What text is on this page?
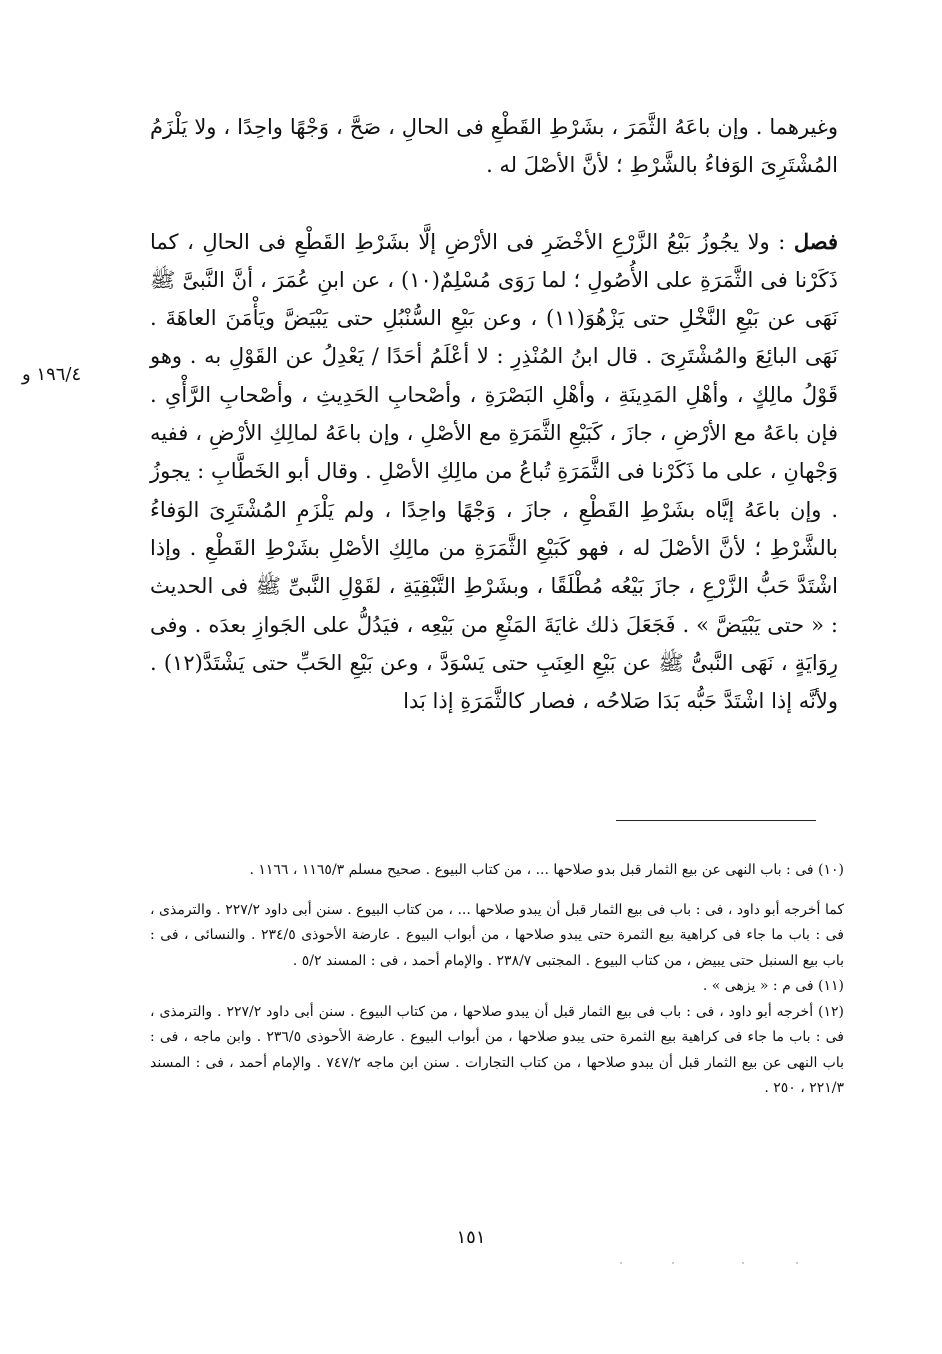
وغيرهما . وإن باعَهُ الثَّمَرَ ، بشَرْطِ القَطْعِ فى الحالِ ، صَحَّ ، وَجْهًا واحِدًا ، ولا يَلْزَمُ المُشْتَرِىَ الوَفاءُ بالشَّرْطِ ؛ لأنَّ الأصْلَ له .

فصل : ولا يجُوزُ بَيْعُ الزَّرْعِ الأخْضَرِ فى الأرْضِ إلَّا بشَرْطِ القَطْعِ فى الحالِ ، كما ذَكَرْنا فى الثَّمَرَةِ على الأُصُولِ ؛ لما رَوَى مُسْلِمٌ(١٠) ، عن ابنِ عُمَرَ ، أنَّ النَّبىَّ ﷺ نَهَى عن بَيْعِ النَّخْلِ حتى يَزْهُوَ(١١) ، وعن بَيْعِ السُّنْبُلِ حتى يَبْيَضَّ ويَأْمَنَ العاهَةَ . نَهَى البائِعَ والمُشْتَرِىَ . قال ابنُ المُنْذِرِ : لا أعْلَمُ أحَدًا / يَعْدِلُ عن القَوْلِ به . وهو قَوْلُ مالِكٍ ، وأهْلِ المَدِينَةِ ، وأهْلِ البَصْرَةِ ، وأصْحابِ الحَدِيثِ ، وأصْحابِ الرَّأْىِ . فإن باعَهُ مع الأرْضِ ، جازَ ، كَبَيْعِ الثَّمَرَةِ مع الأصْلِ ، وإن باعَهُ لمالِكِ الأرْضِ ، ففيه وَجْهانِ ، على ما ذَكَرْنا فى الثَّمَرَةِ تُباعُ من مالِكِ الأصْلِ . وقال أبو الخَطَّابِ : يجوزُ . وإن باعَهُ إيَّاه بشَرْطِ القَطْعِ ، جازَ ، وَجْهًا واحِدًا ، ولم يَلْزَمِ المُشْتَرِىَ الوَفاءُ بالشَّرْطِ ؛ لأنَّ الأصْلَ له ، فهو كَبَيْعِ الثَّمَرَةِ من مالِكِ الأصْلِ بشَرْطِ القَطْعِ . وإذا اشْتَدَّ حَبُّ الزَّرْعِ ، جازَ بَيْعُه مُطْلَقًا ، وبشَرْطِ التَّبْقِيَةِ ، لقَوْلِ النَّبىِّ ﷺ فى الحديث : « حتى يَبْيَضَّ » . فَجَعَلَ ذلك غايَةَ المَنْعِ من بَيْعِه ، فيَدُلُّ على الجَوازِ بعدَه . وفى رِوَايَةٍ ، نَهَى النَّبىُّ ﷺ عن بَيْعِ العِنَبِ حتى يَسْوَدَّ ، وعن بَيْعِ الحَبِّ حتى يَشْتَدَّ(١٢) . ولأنَّه إذا اشْتَدَّ حَبُّه بَدَا صَلاحُه ، فصار كالثَّمَرَةِ إذا بَدا

١٩٦/٤ و

(١٠) فى : باب النهى عن بيع الثمار قبل بدو صلاحها ... ، من كتاب البيوع . صحيح مسلم ١١٦٥/٣ ، ١١٦٦ .

كما أخرجه أبو داود ، فى : باب فى بيع الثمار قبل أن يبدو صلاحها ... ، من كتاب البيوع . سنن أبى داود ٢٢٧/٢ . والترمذى ، فى : باب ما جاء فى كراهية بيع الثمرة حتى يبدو صلاحها ، من أبواب البيوع . عارضة الأحوذى ٢٣٤/٥ . والنسائى ، فى : باب بيع السنبل حتى يبيض ، من كتاب البيوع . المجتبى ٢٣٨/٧ . والإمام أحمد ، فى : المسند ٥/٢ .

(١١) فى م : « يزهى » .

(١٢) أخرجه أبو داود ، فى : باب فى بيع الثمار قبل أن يبدو صلاحها ، من كتاب البيوع . سنن أبى داود ٢٢٧/٢ . والترمذى ، فى : باب ما جاء فى كراهية بيع الثمرة حتى يبدو صلاحها ، من أبواب البيوع . عارضة الأحوذى ٢٣٦/٥ . وابن ماجه ، فى : باب النهى عن بيع الثمار قبل أن يبدو صلاحها ، من كتاب التجارات . سنن ابن ماجه ٧٤٧/٢ . والإمام أحمد ، فى : المسند ٢٢١/٣ ، ٢٥٠ .

١٥١
